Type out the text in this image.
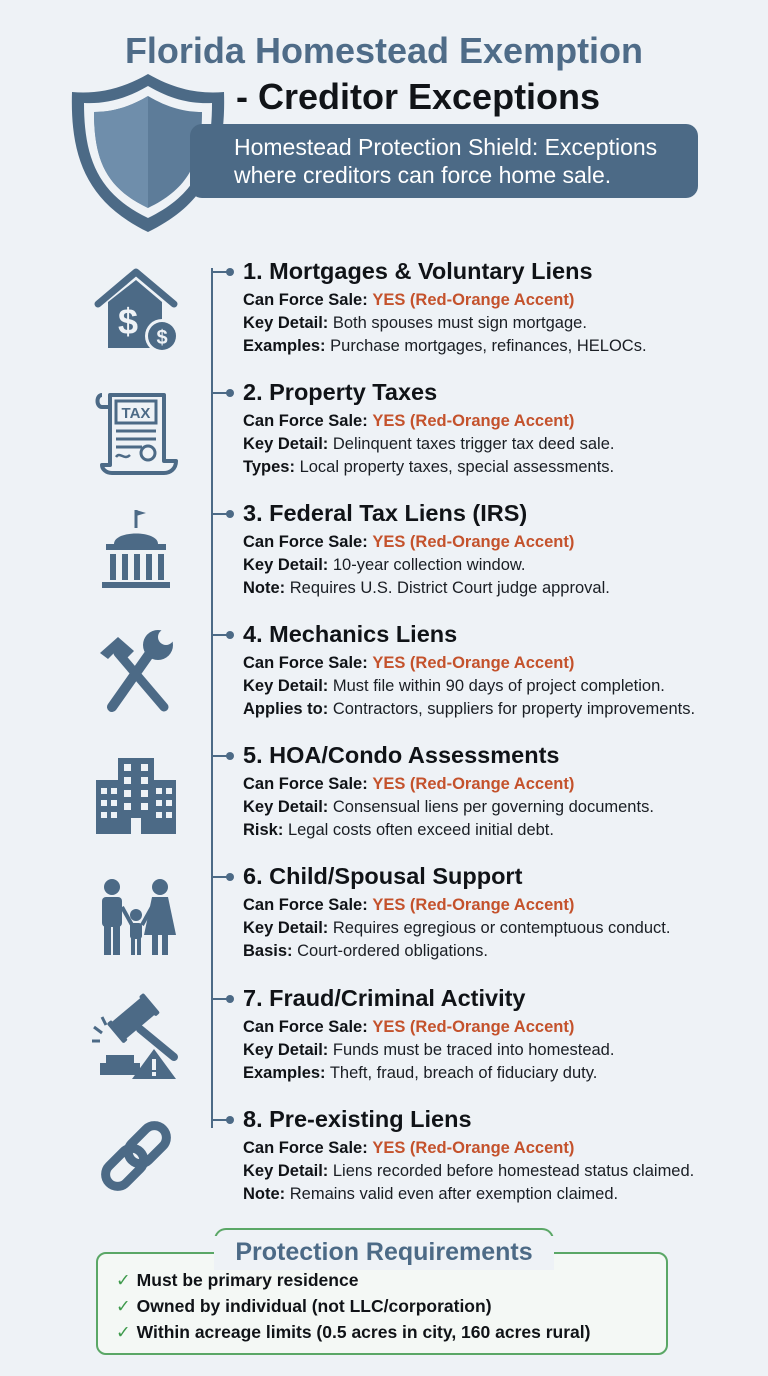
Florida Homestead Exemption
- Creditor Exceptions
Homestead Protection Shield: Exceptions where creditors can force home sale.
$ $
1. Mortgages & Voluntary Liens
Can Force Sale: YES (Red-Orange Accent)
Key Detail: Both spouses must sign mortgage.
Examples: Purchase mortgages, refinances, HELOCs.
TAX
2. Property Taxes
Can Force Sale: YES (Red-Orange Accent)
Key Detail: Delinquent taxes trigger tax deed sale.
Types: Local property taxes, special assessments.
3. Federal Tax Liens (IRS)
Can Force Sale: YES (Red-Orange Accent)
Key Detail: 10-year collection window.
Note: Requires U.S. District Court judge approval.
4. Mechanics Liens
Can Force Sale: YES (Red-Orange Accent)
Key Detail: Must file within 90 days of project completion.
Applies to: Contractors, suppliers for property improvements.
5. HOA/Condo Assessments
Can Force Sale: YES (Red-Orange Accent)
Key Detail: Consensual liens per governing documents.
Risk: Legal costs often exceed initial debt.
6. Child/Spousal Support
Can Force Sale: YES (Red-Orange Accent)
Key Detail: Requires egregious or contemptuous conduct.
Basis: Court-ordered obligations.
7. Fraud/Criminal Activity
Can Force Sale: YES (Red-Orange Accent)
Key Detail: Funds must be traced into homestead.
Examples: Theft, fraud, breach of fiduciary duty.
8. Pre-existing Liens
Can Force Sale: YES (Red-Orange Accent)
Key Detail: Liens recorded before homestead status claimed.
Note: Remains valid even after exemption claimed.
Protection Requirements
✓ Must be primary residence
✓ Owned by individual (not LLC/corporation)
✓ Within acreage limits (0.5 acres in city, 160 acres rural)
